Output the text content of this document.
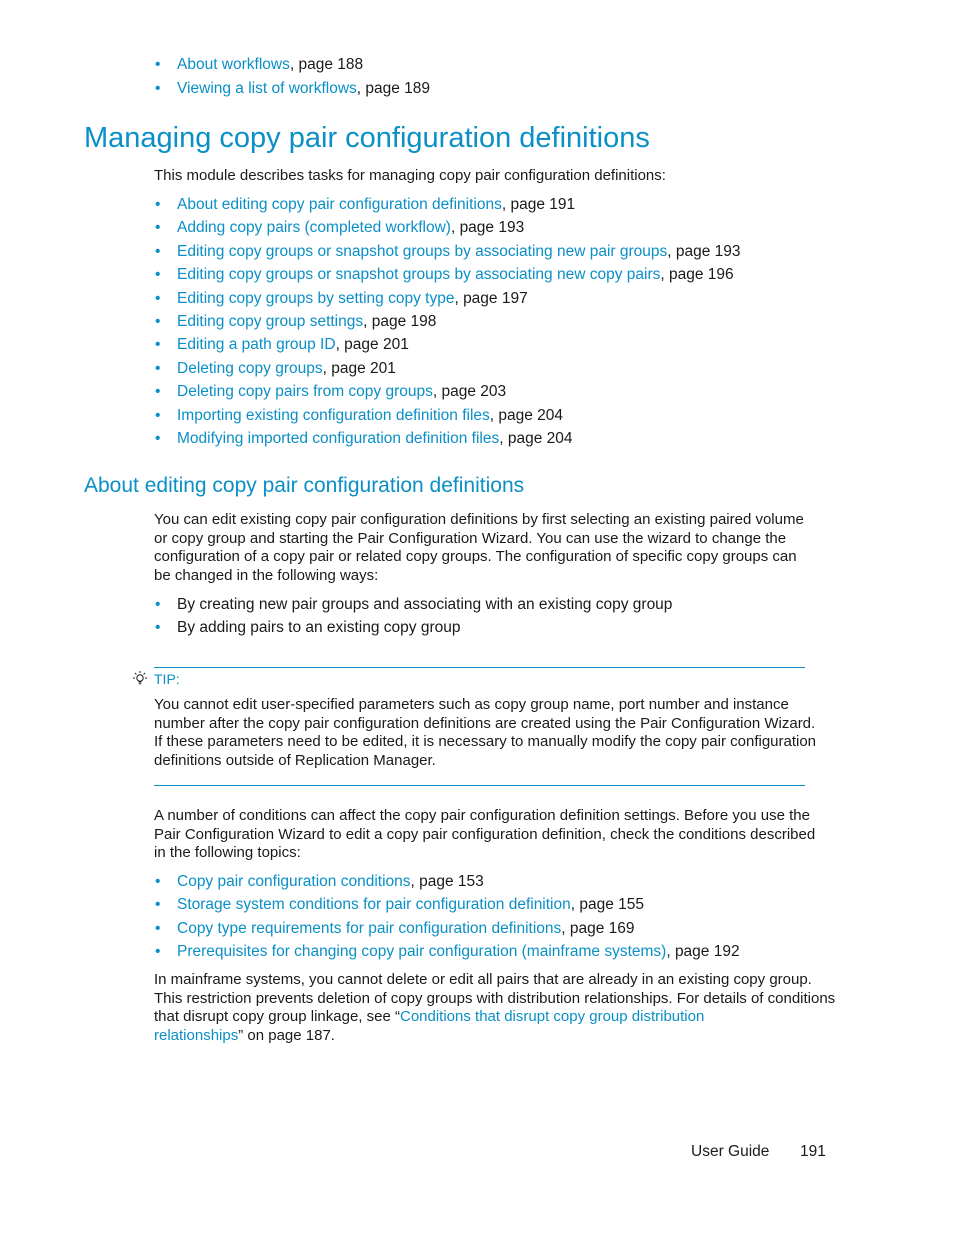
• About workflows, page 188
• Viewing a list of workflows, page 189
Managing copy pair configuration definitions
This module describes tasks for managing copy pair configuration definitions:
• About editing copy pair configuration definitions, page 191
• Adding copy pairs (completed workflow), page 193
• Editing copy groups or snapshot groups by associating new pair groups, page 193
• Editing copy groups or snapshot groups by associating new copy pairs, page 196
• Editing copy groups by setting copy type, page 197
• Editing copy group settings, page 198
• Editing a path group ID, page 201
• Deleting copy groups, page 201
• Deleting copy pairs from copy groups, page 203
• Importing existing configuration definition files, page 204
• Modifying imported configuration definition files, page 204
About editing copy pair configuration definitions
You can edit existing copy pair configuration definitions by first selecting an existing paired volume
or copy group and starting the Pair Configuration Wizard. You can use the wizard to change the
configuration of a copy pair or related copy groups. The configuration of specific copy groups can
be changed in the following ways:
• By creating new pair groups and associating with an existing copy group
• By adding pairs to an existing copy group
TIP:
You cannot edit user-specified parameters such as copy group name, port number and instance
number after the copy pair configuration definitions are created using the Pair Configuration Wizard.
If these parameters need to be edited, it is necessary to manually modify the copy pair configuration
definitions outside of Replication Manager.
A number of conditions can affect the copy pair configuration definition settings. Before you use the
Pair Configuration Wizard to edit a copy pair configuration definition, check the conditions described
in the following topics:
• Copy pair configuration conditions, page 153
• Storage system conditions for pair configuration definition, page 155
• Copy type requirements for pair configuration definitions, page 169
• Prerequisites for changing copy pair configuration (mainframe systems), page 192
In mainframe systems, you cannot delete or edit all pairs that are already in an existing copy group.
This restriction prevents deletion of copy groups with distribution relationships. For details of conditions
that disrupt copy group linkage, see “Conditions that disrupt copy group distribution
relationships” on page 187.
User Guide 191
